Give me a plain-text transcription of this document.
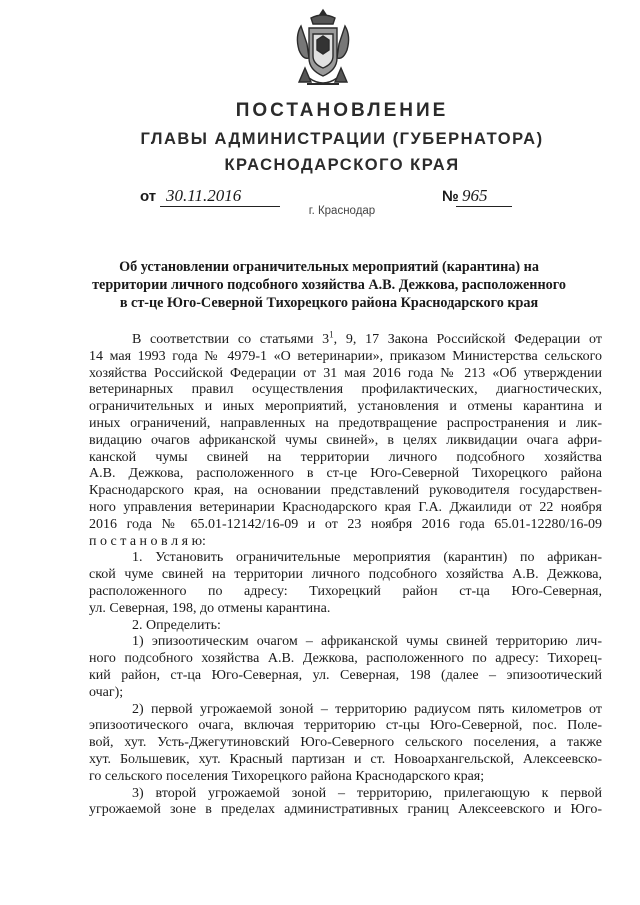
ПОСТАНОВЛЕНИЕ
ГЛАВЫ АДМИНИСТРАЦИИ (ГУБЕРНАТОРА)
КРАСНОДАРСКОГО КРАЯ
от 30.11.2016	№ 965
г. Краснодар
Об установлении ограничительных мероприятий (карантина) на
территории личного подсобного хозяйства А.В. Дежкова, расположенного
в ст-це Юго-Северной Тихорецкого района Краснодарского края
В соответствии со статьями $3^1$, 9, 17 Закона Российской Федерации от
14 мая 1993 года № 4979-1 «О ветеринарии», приказом Министерства сельского
хозяйства Российской Федерации от 31 мая 2016 года № 213 «Об утверждении
ветеринарных правил осуществления профилактических, диагностических,
ограничительных и иных мероприятий, установления и отмены карантина и
иных ограничений, направленных на предотвращение распространения и лик-
видацию очагов африканской чумы свиней», в целях ликвидации очага афри-
канской чумы свиней на территории личного подсобного хозяйства
А.В. Дежкова, расположенного в ст-це Юго-Северной Тихорецкого района
Краснодарского края, на основании представлений руководителя государствен-
ного управления ветеринарии Краснодарского края Г.А. Джаилиди от 22 ноября
2016 года № 65.01-12142/16-09 и от 23 ноября 2016 года 65.01-12280/16-09
п о с т а н о в л я ю:
1. Установить ограничительные мероприятия (карантин) по африкан-
ской чуме свиней на территории личного подсобного хозяйства А.В. Дежкова,
расположенного по адресу: Тихорецкий район ст-ца Юго-Северная,
ул. Северная, 198, до отмены карантина.
2. Определить:
1) эпизоотическим очагом – африканской чумы свиней территорию лич-
ного подсобного хозяйства А.В. Дежкова, расположенного по адресу: Тихорец-
кий район, ст-ца Юго-Северная, ул. Северная, 198 (далее – эпизоотический
очаг);
2) первой угрожаемой зоной – территорию радиусом пять километров от
эпизоотического очага, включая территорию ст-цы Юго-Северной, пос. Поле-
вой, хут. Усть-Джегутиновский Юго-Северного сельского поселения, а также
хут. Большевик, хут. Красный партизан и ст. Новоархангельской, Алексеевско-
го сельского поселения Тихорецкого района Краснодарского края;
3) второй угрожаемой зоной – территорию, прилегающую к первой
угрожаемой зоне в пределах административных границ Алексеевского и Юго-
